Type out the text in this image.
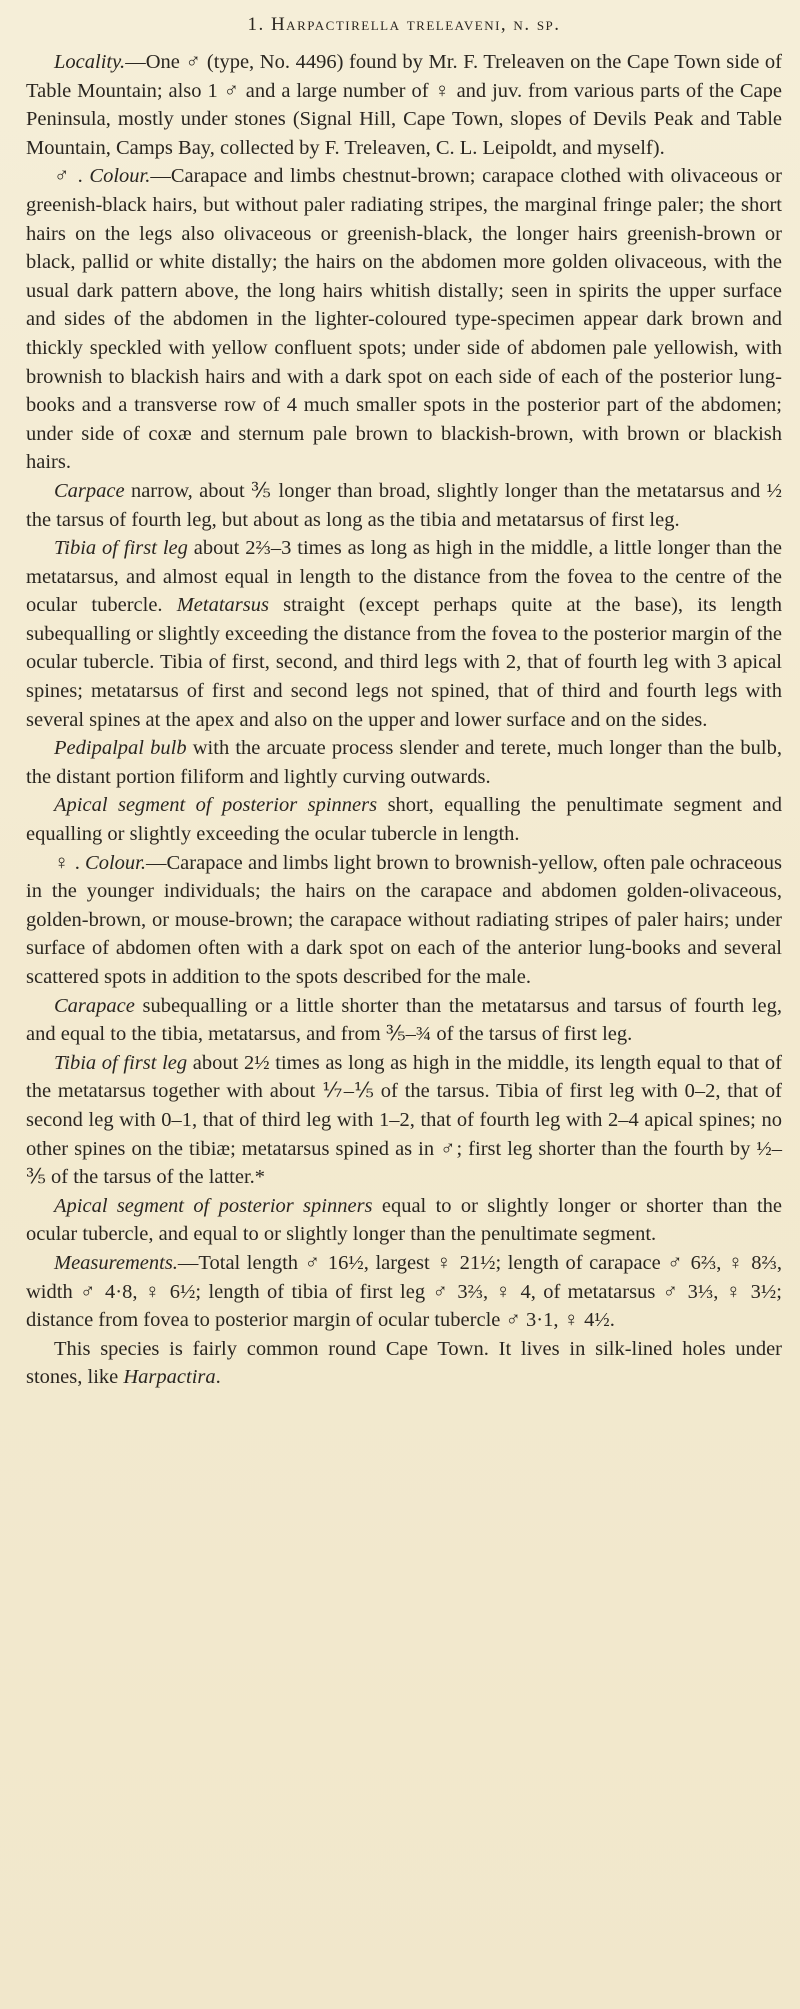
1. Harpactirella treleaveni, n. sp.

Locality.—One ♂ (type, No. 4496) found by Mr. F. Treleaven on the Cape Town side of Table Mountain; also 1 ♂ and a large number of ♀ and juv. from various parts of the Cape Peninsula, mostly under stones (Signal Hill, Cape Town, slopes of Devils Peak and Table Mountain, Camps Bay, collected by F. Treleaven, C. L. Leipoldt, and myself).

♂ . Colour.—Carapace and limbs chestnut-brown; carapace clothed with olivaceous or greenish-black hairs, but without paler radiating stripes, the marginal fringe paler; the short hairs on the legs also olivaceous or greenish-black, the longer hairs greenish-brown or black, pallid or white distally; the hairs on the abdomen more golden olivaceous, with the usual dark pattern above, the long hairs whitish distally; seen in spirits the upper surface and sides of the abdomen in the lighter-coloured type-specimen appear dark brown and thickly speckled with yellow confluent spots; under side of abdomen pale yellowish, with brownish to blackish hairs and with a dark spot on each side of each of the posterior lung-books and a transverse row of 4 much smaller spots in the posterior part of the abdomen; under side of coxæ and sternum pale brown to blackish-brown, with brown or blackish hairs.

Carpace narrow, about ⅗ longer than broad, slightly longer than the metatarsus and ½ the tarsus of fourth leg, but about as long as the tibia and metatarsus of first leg.

Tibia of first leg about 2⅔–3 times as long as high in the middle, a little longer than the metatarsus, and almost equal in length to the distance from the fovea to the centre of the ocular tubercle. Metatarsus straight (except perhaps quite at the base), its length subequalling or slightly exceeding the distance from the fovea to the posterior margin of the ocular tubercle. Tibia of first, second, and third legs with 2, that of fourth leg with 3 apical spines; metatarsus of first and second legs not spined, that of third and fourth legs with several spines at the apex and also on the upper and lower surface and on the sides.

Pedipalpal bulb with the arcuate process slender and terete, much longer than the bulb, the distant portion filiform and lightly curving outwards.

Apical segment of posterior spinners short, equalling the penultimate segment and equalling or slightly exceeding the ocular tubercle in length.

♀ . Colour.—Carapace and limbs light brown to brownish-yellow, often pale ochraceous in the younger individuals; the hairs on the carapace and abdomen golden-olivaceous, golden-brown, or mouse-brown; the carapace without radiating stripes of paler hairs; under surface of abdomen often with a dark spot on each of the anterior lung-books and several scattered spots in addition to the spots described for the male.

Carapace subequalling or a little shorter than the metatarsus and tarsus of fourth leg, and equal to the tibia, metatarsus, and from ⅗–¾ of the tarsus of first leg.

Tibia of first leg about 2½ times as long as high in the middle, its length equal to that of the metatarsus together with about ⅐–⅕ of the tarsus. Tibia of first leg with 0–2, that of second leg with 0–1, that of third leg with 1–2, that of fourth leg with 2–4 apical spines; no other spines on the tibiæ; metatarsus spined as in ♂; first leg shorter than the fourth by ½–⅗ of the tarsus of the latter.*

Apical segment of posterior spinners equal to or slightly longer or shorter than the ocular tubercle, and equal to or slightly longer than the penultimate segment.

Measurements.—Total length ♂ 16½, largest ♀ 21½; length of carapace ♂ 6⅔, ♀ 8⅔, width ♂ 4·8, ♀ 6½; length of tibia of first leg ♂ 3⅔, ♀ 4, of metatarsus ♂ 3⅓, ♀ 3½; distance from fovea to posterior margin of ocular tubercle ♂ 3·1, ♀ 4½.

This species is fairly common round Cape Town. It lives in silk-lined holes under stones, like Harpactira.
